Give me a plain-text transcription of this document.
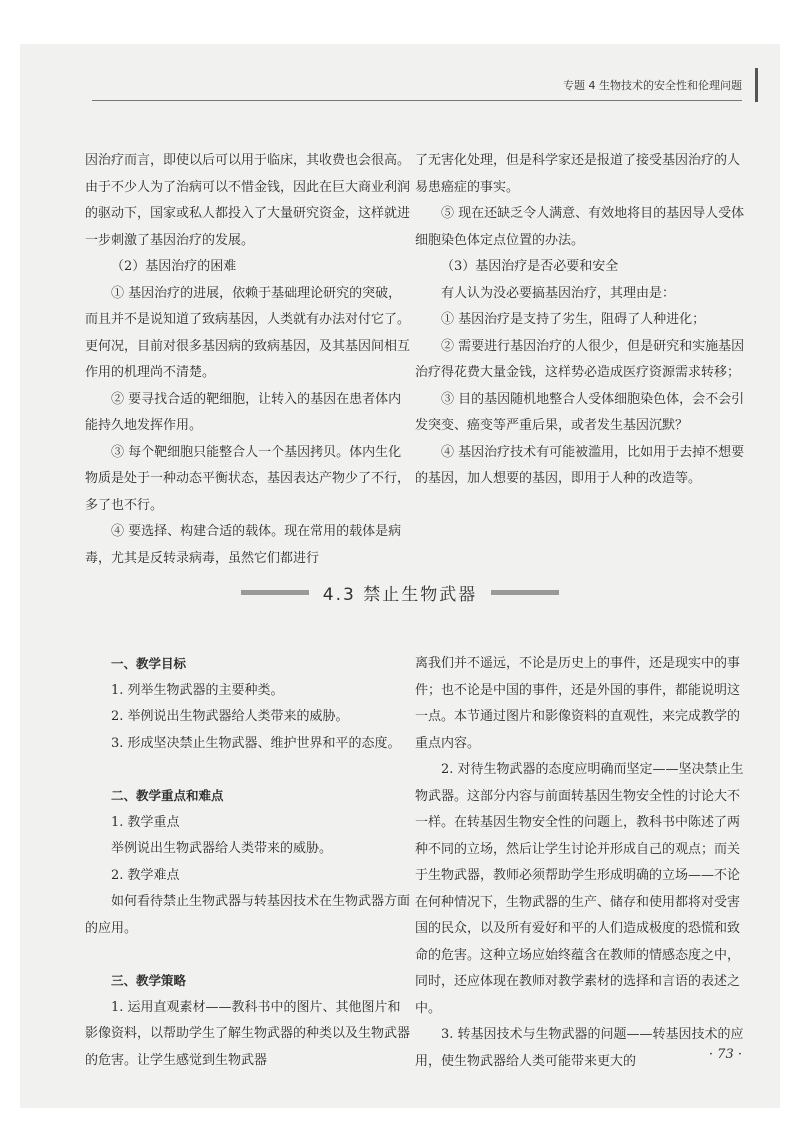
专题 4 生物技术的安全性和伦理问题

因治疗而言，即使以后可以用于临床，其收费也会很高。由于不少人为了治病可以不惜金钱，因此在巨大商业利润的驱动下，国家或私人都投入了大量研究资金，这样就进一步刺激了基因治疗的发展。

（2）基因治疗的困难

① 基因治疗的进展，依赖于基础理论研究的突破，而且并不是说知道了致病基因，人类就有办法对付它了。更何况，目前对很多基因病的致病基因，及其基因间相互作用的机理尚不清楚。

② 要寻找合适的靶细胞，让转入的基因在患者体内能持久地发挥作用。

③ 每个靶细胞只能整合人一个基因拷贝。体内生化物质是处于一种动态平衡状态，基因表达产物少了不行，多了也不行。

④ 要选择、构建合适的载体。现在常用的载体是病毒，尤其是反转录病毒，虽然它们都进行

了无害化处理，但是科学家还是报道了接受基因治疗的人易患癌症的事实。

⑤ 现在还缺乏令人满意、有效地将目的基因导人受体细胞染色体定点位置的办法。

（3）基因治疗是否必要和安全

有人认为没必要搞基因治疗，其理由是：

① 基因治疗是支持了劣生，阻碍了人种进化；

② 需要进行基因治疗的人很少，但是研究和实施基因治疗得花费大量金钱，这样势必造成医疗资源需求转移；

③ 目的基因随机地整合人受体细胞染色体，会不会引发突变、癌变等严重后果，或者发生基因沉默？

④ 基因治疗技术有可能被滥用，比如用于去掉不想要的基因，加人想要的基因，即用于人种的改造等。

4.3 禁止生物武器

一、教学目标

1. 列举生物武器的主要种类。

2. 举例说出生物武器给人类带来的威胁。

3. 形成坚决禁止生物武器、维护世界和平的态度。

二、教学重点和难点

1. 教学重点

举例说出生物武器给人类带来的威胁。

2. 教学难点

如何看待禁止生物武器与转基因技术在生物武器方面的应用。

三、教学策略

1. 运用直观素材——教科书中的图片、其他图片和影像资料，以帮助学生了解生物武器的种类以及生物武器的危害。让学生感觉到生物武器

离我们并不遥远，不论是历史上的事件，还是现实中的事件；也不论是中国的事件，还是外国的事件，都能说明这一点。本节通过图片和影像资料的直观性，来完成教学的重点内容。

2. 对待生物武器的态度应明确而坚定——坚决禁止生物武器。这部分内容与前面转基因生物安全性的讨论大不一样。在转基因生物安全性的问题上，教科书中陈述了两种不同的立场，然后让学生讨论并形成自己的观点；而关于生物武器，教师必须帮助学生形成明确的立场——不论在何种情况下，生物武器的生产、储存和使用都将对受害国的民众，以及所有爱好和平的人们造成极度的恐慌和致命的危害。这种立场应始终蕴含在教师的情感态度之中，同时，还应体现在教师对教学素材的选择和言语的表述之中。

3. 转基因技术与生物武器的问题——转基因技术的应用，使生物武器给人类可能带来更大的	· 73 ·
